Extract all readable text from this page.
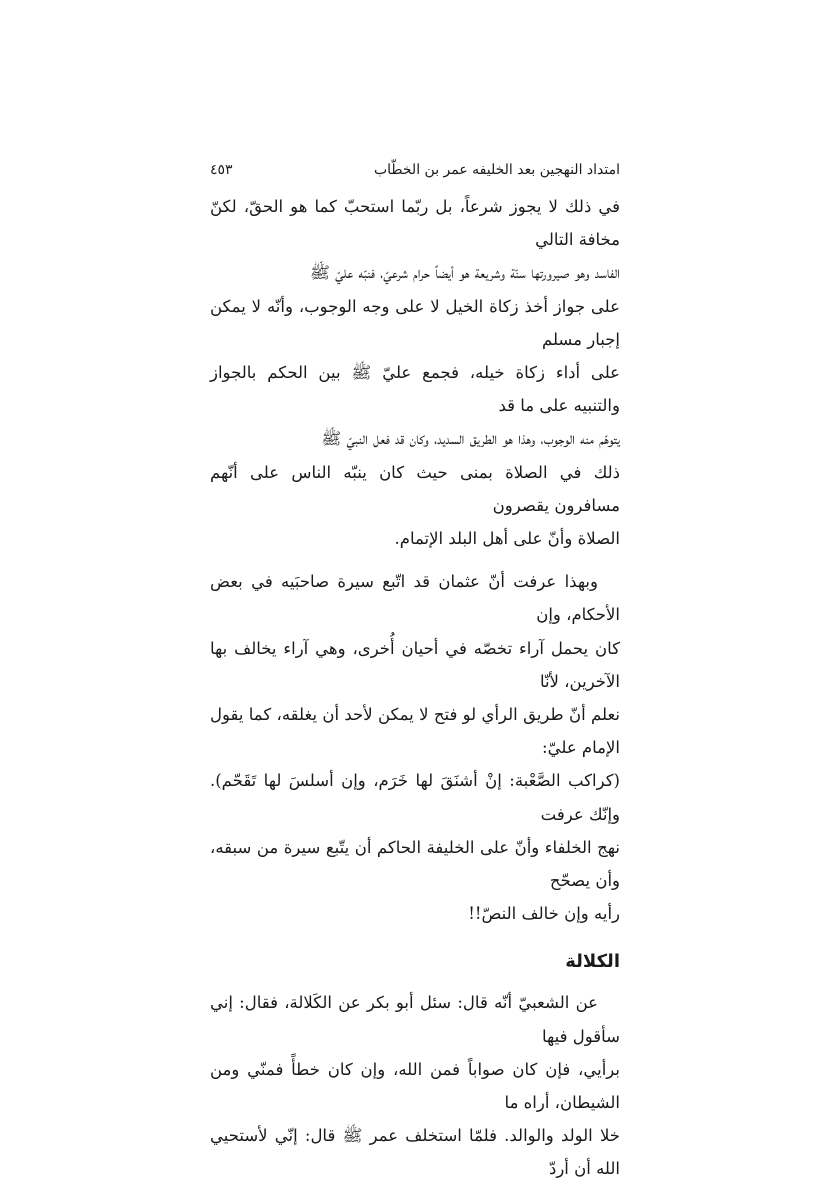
امتداد النهجين بعد الخليفه عمر بن الخطّاب
٤٥٣

في ذلك لا يجوز شرعاً، بل ربّما استحبّ كما هو الحقّ، لكنّ مخافة التالي

الفاسد وهو صيرورتها سنّة وشريعة هو أيضاً حرام شرعيّ، فنبّه عليّ ﷺ

على جواز أخذ زكاة الخيل لا على وجه الوجوب، وأنّه لا يمكن إجبار مسلم

على أداء زكاة خيله، فجمع عليّ ﷺ بين الحكم بالجواز والتنبيه على ما قد

يتوهّم منه الوجوب، وهذا هو الطريق السديد، وكان قد فعل النبيّ ﷺ

ذلك في الصلاة بمنى حيث كان ينبّه الناس على أنّهم مسافرون يقصرون

الصلاة وأنّ على أهل البلد الإتمام.

وبهذا عرفت أنّ عثمان قد اتّبع سيرة صاحبَيه في بعض الأحكام، وإن

كان يحمل آراء تخصّه في أحيان أُخرى، وهي آراء يخالف بها الآخرين، لأنّا

نعلم أنّ طريق الرأي لو فتح لا يمكن لأحد أن يغلقه، كما يقول الإمام عليّ:

(كراكب الصَّعْبة: إنْ أشنَقَ لها خَرَم، وإن أسلسَ لها تَقَحّم). وإنّك عرفت

نهج الخلفاء وأنّ على الخليفة الحاكم أن يتّبع سيرة من سبقه، وأن يصحّح

رأيه وإن خالف النصّ!!

الكلالة

عن الشعبيّ أنّه قال: سئل أبو بكر عن الكَلالة، فقال: إني سأقول فيها

برأيي، فإن كان صواباً فمن الله، وإن كان خطأً فمنّي ومن الشيطان، أراه ما

خلا الولد والوالد. فلمّا استخلف عمر ﷺ قال: إنّي لأستحيي الله أن أردّ
